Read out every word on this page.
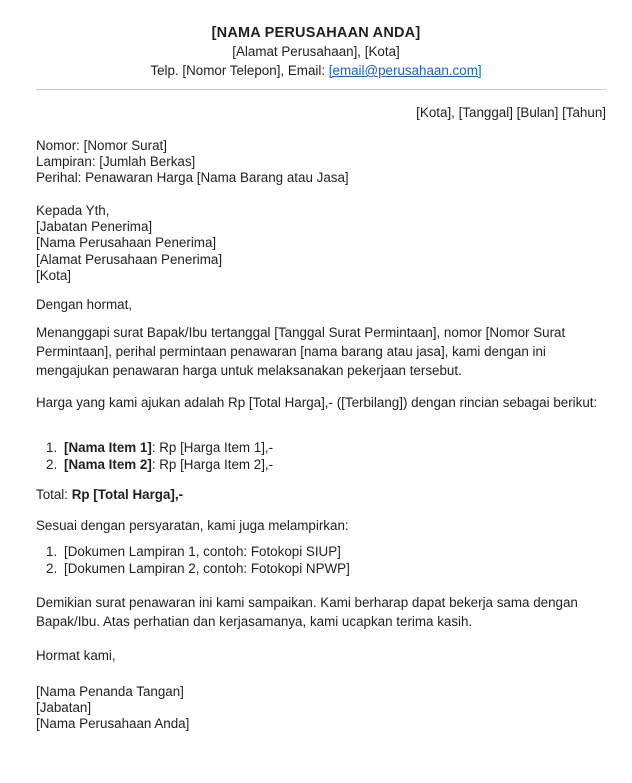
[NAMA PERUSAHAAN ANDA]
[Alamat Perusahaan], [Kota]
Telp. [Nomor Telepon], Email: [email@perusahaan.com]
[Kota], [Tanggal] [Bulan] [Tahun]
Nomor: [Nomor Surat]
Lampiran: [Jumlah Berkas]
Perihal: Penawaran Harga [Nama Barang atau Jasa]
Kepada Yth,
[Jabatan Penerima]
[Nama Perusahaan Penerima]
[Alamat Perusahaan Penerima]
[Kota]
Dengan hormat,
Menanggapi surat Bapak/Ibu tertanggal [Tanggal Surat Permintaan], nomor [Nomor Surat Permintaan], perihal permintaan penawaran [nama barang atau jasa], kami dengan ini mengajukan penawaran harga untuk melaksanakan pekerjaan tersebut.
Harga yang kami ajukan adalah Rp [Total Harga],- ([Terbilang]) dengan rincian sebagai berikut:
1. [Nama Item 1]: Rp [Harga Item 1],-
2. [Nama Item 2]: Rp [Harga Item 2],-
Total: Rp [Total Harga],-
Sesuai dengan persyaratan, kami juga melampirkan:
1. [Dokumen Lampiran 1, contoh: Fotokopi SIUP]
2. [Dokumen Lampiran 2, contoh: Fotokopi NPWP]
Demikian surat penawaran ini kami sampaikan. Kami berharap dapat bekerja sama dengan Bapak/Ibu. Atas perhatian dan kerjasamanya, kami ucapkan terima kasih.
Hormat kami,
[Nama Penanda Tangan]
[Jabatan]
[Nama Perusahaan Anda]
